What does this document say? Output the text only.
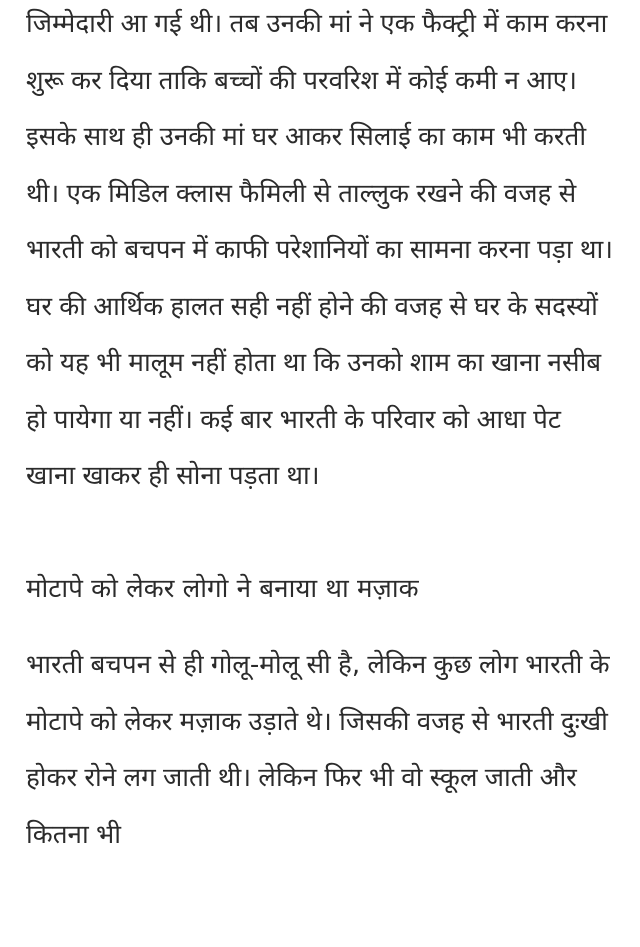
जिम्मेदारी आ गई थी। तब उनकी मां ने एक फैक्ट्री में काम करना शुरू कर दिया ताकि बच्चों की परवरिश में कोई कमी न आए। इसके साथ ही उनकी मां घर आकर सिलाई का काम भी करती थी। एक मिडिल क्लास फैमिली से ताल्लुक रखने की वजह से भारती को बचपन में काफी परेशानियों का सामना करना पड़ा था। घर की आर्थिक हालत सही नहीं होने की वजह से घर के सदस्यों को यह भी मालूम नहीं होता था कि उनको शाम का खाना नसीब हो पायेगा या नहीं। कई बार भारती के परिवार को आधा पेट खाना खाकर ही सोना पड़ता था।

मोटापे को लेकर लोगो ने बनाया था मज़ाक

भारती बचपन से ही गोलू-मोलू सी है, लेकिन कुछ लोग भारती के मोटापे को लेकर मज़ाक उड़ाते थे। जिसकी वजह से भारती दुःखी होकर रोने लग जाती थी। लेकिन फिर भी वो स्कूल जाती और कितना भी
